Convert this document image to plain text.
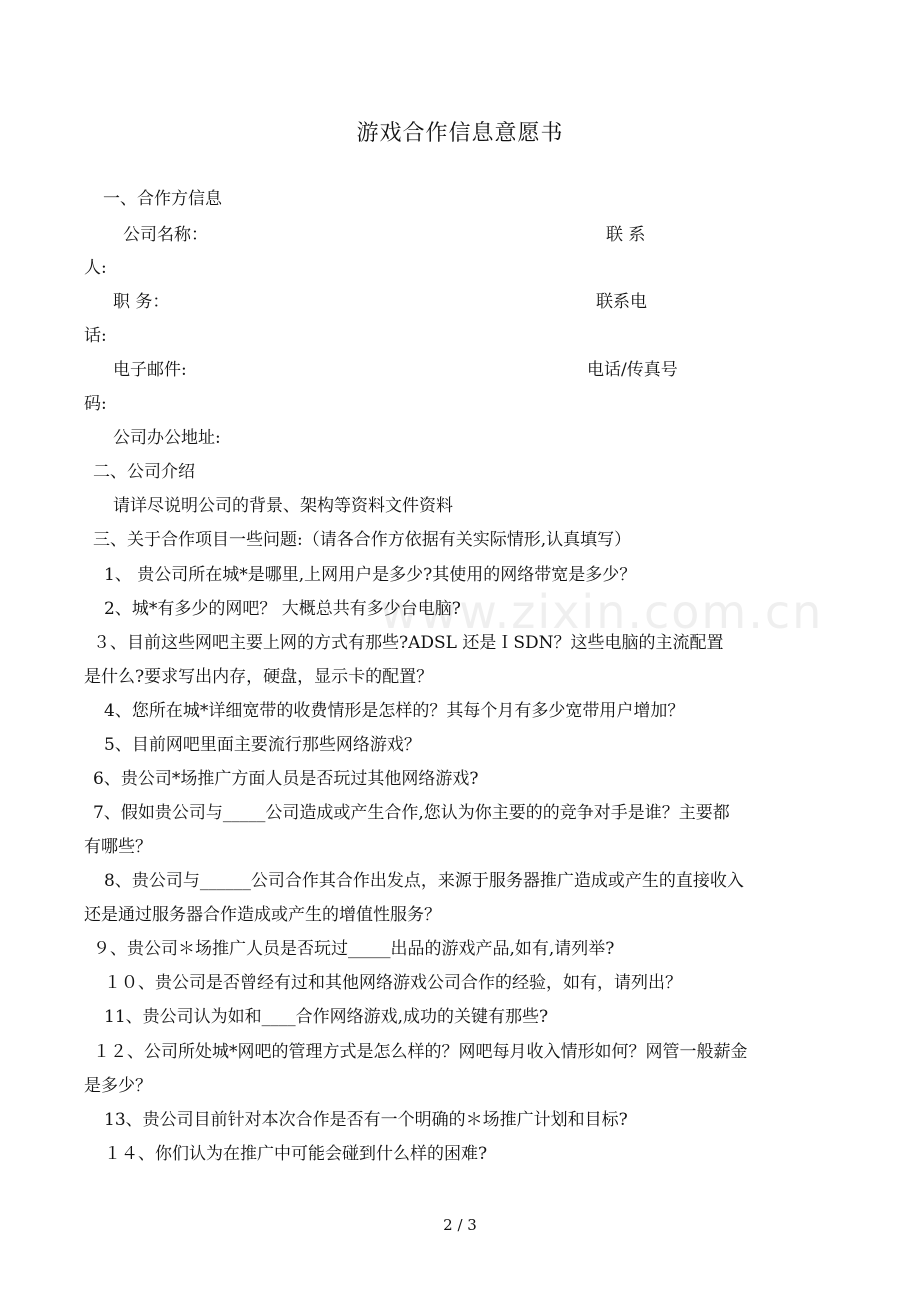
www.zixin.com.cn
游戏合作信息意愿书
一、合作方信息
公司名称：	联 系
人:
职 务：	联系电
话:
电子邮件:	电话/传真号
码:
公司办公地址:
二、公司介绍
请详尽说明公司的背景、架构等资料文件资料
三、关于合作项目一些问题:（请各合作方依据有关实际情形,认真填写）
1、 贵公司所在城*是哪里,上网用户是多少?其使用的网络带宽是多少？
2、城*有多少的网吧？ 大概总共有多少台电脑?
３、目前这些网吧主要上网的方式有那些?ADSL 还是ＩSDN？这些电脑的主流配置
是什么?要求写出内存，硬盘，显示卡的配置？
4、您所在城*详细宽带的收费情形是怎样的？其每个月有多少宽带用户增加？
5、目前网吧里面主要流行那些网络游戏？
6、贵公司*场推广方面人员是否玩过其他网络游戏?
7、假如贵公司与_____公司造成或产生合作,您认为你主要的的竞争对手是谁？主要都
有哪些？
8、贵公司与______公司合作其合作出发点，来源于服务器推广造成或产生的直接收入
还是通过服务器合作造成或产生的增值性服务？
９、贵公司＊场推广人员是否玩过_____出品的游戏产品,如有,请列举?
１０、贵公司是否曾经有过和其他网络游戏公司合作的经验，如有，请列出？
11、贵公司认为如和____合作网络游戏,成功的关键有那些?
１２、公司所处城*网吧的管理方式是怎么样的？网吧每月收入情形如何？网管一般薪金
是多少？
13、贵公司目前针对本次合作是否有一个明确的＊场推广计划和目标?
１４、你们认为在推广中可能会碰到什么样的困难?
2 / 3
